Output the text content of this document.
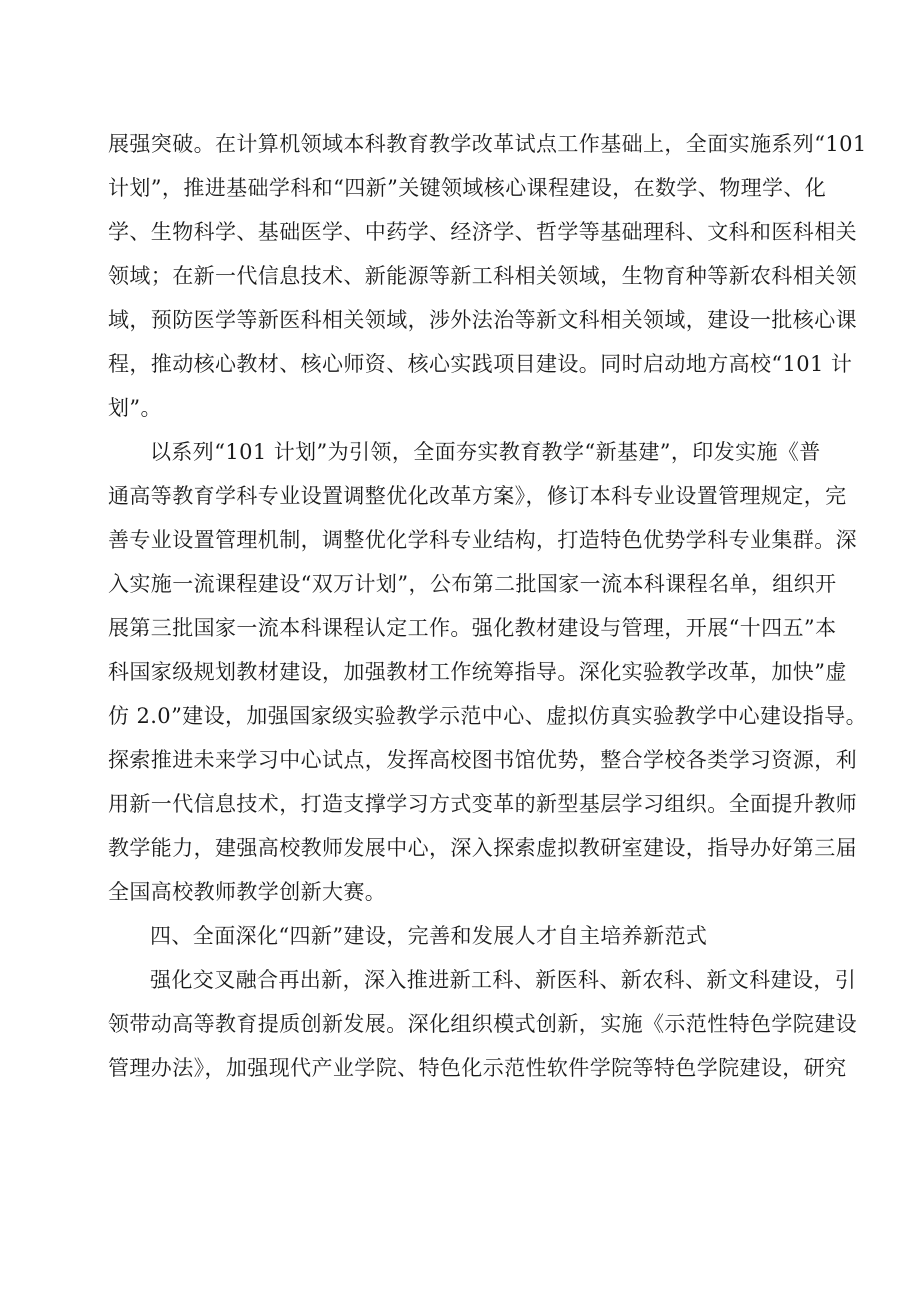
展强突破。在计算机领域本科教育教学改革试点工作基础上，全面实施系列“101
计划”，推进基础学科和“四新”关键领域核心课程建设，在数学、物理学、化
学、生物科学、基础医学、中药学、经济学、哲学等基础理科、文科和医科相关
领域；在新一代信息技术、新能源等新工科相关领域，生物育种等新农科相关领
域，预防医学等新医科相关领域，涉外法治等新文科相关领域，建设一批核心课
程，推动核心教材、核心师资、核心实践项目建设。同时启动地方高校“101 计
划”。
以系列“101 计划”为引领，全面夯实教育教学“新基建”，印发实施《普
通高等教育学科专业设置调整优化改革方案》，修订本科专业设置管理规定，完
善专业设置管理机制，调整优化学科专业结构，打造特色优势学科专业集群。深
入实施一流课程建设“双万计划”，公布第二批国家一流本科课程名单，组织开
展第三批国家一流本科课程认定工作。强化教材建设与管理，开展“十四五”本
科国家级规划教材建设，加强教材工作统筹指导。深化实验教学改革，加快”虚
仿 2.0”建设，加强国家级实验教学示范中心、虚拟仿真实验教学中心建设指导。
探索推进未来学习中心试点，发挥高校图书馆优势，整合学校各类学习资源，利
用新一代信息技术，打造支撑学习方式变革的新型基层学习组织。全面提升教师
教学能力，建强高校教师发展中心，深入探索虚拟教研室建设，指导办好第三届
全国高校教师教学创新大赛。
四、全面深化“四新”建设，完善和发展人才自主培养新范式
强化交叉融合再出新，深入推进新工科、新医科、新农科、新文科建设，引
领带动高等教育提质创新发展。深化组织模式创新，实施《示范性特色学院建设
管理办法》，加强现代产业学院、特色化示范性软件学院等特色学院建设，研究
